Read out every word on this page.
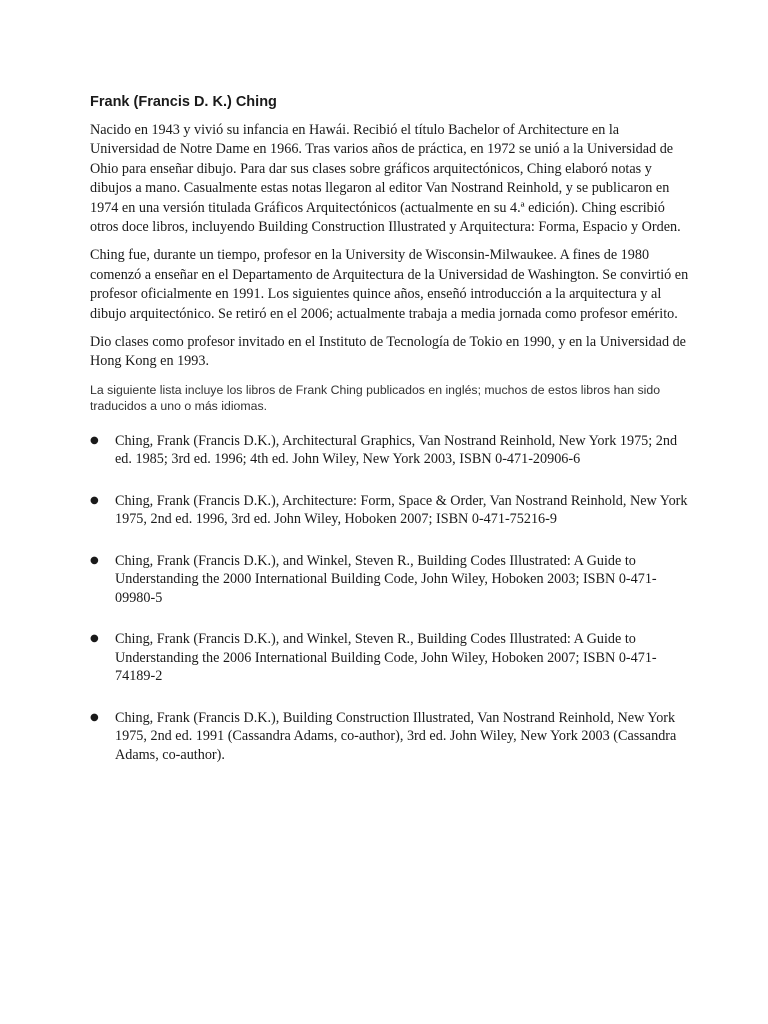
Frank (Francis D. K.) Ching

Nacido en 1943 y vivió su infancia en Hawái. Recibió el título Bachelor of Architecture en la Universidad de Notre Dame en 1966. Tras varios años de práctica, en 1972 se unió a la Universidad de Ohio para enseñar dibujo. Para dar sus clases sobre gráficos arquitectónicos, Ching elaboró notas y dibujos a mano. Casualmente estas notas llegaron al editor Van Nostrand Reinhold, y se publicaron en 1974 en una versión titulada Gráficos Arquitectónicos (actualmente en su 4.ª edición). Ching escribió otros doce libros, incluyendo Building Construction Illustrated y Arquitectura: Forma, Espacio y Orden.

Ching fue, durante un tiempo, profesor en la University de Wisconsin-Milwaukee. A fines de 1980 comenzó a enseñar en el Departamento de Arquitectura de la Universidad de Washington. Se convirtió en profesor oficialmente en 1991. Los siguientes quince años, enseñó introducción a la arquitectura y al dibujo arquitectónico. Se retiró en el 2006; actualmente trabaja a media jornada como profesor emérito.

Dio clases como profesor invitado en el Instituto de Tecnología de Tokio en 1990, y en la Universidad de Hong Kong en 1993.

La siguiente lista incluye los libros de Frank Ching publicados en inglés; muchos de estos libros han sido traducidos a uno o más idiomas.

● Ching, Frank (Francis D.K.), Architectural Graphics, Van Nostrand Reinhold, New York 1975; 2nd ed. 1985; 3rd ed. 1996; 4th ed. John Wiley, New York 2003, ISBN 0-471-20906-6
● Ching, Frank (Francis D.K.), Architecture: Form, Space & Order, Van Nostrand Reinhold, New York 1975, 2nd ed. 1996, 3rd ed. John Wiley, Hoboken 2007; ISBN 0-471-75216-9
● Ching, Frank (Francis D.K.), and Winkel, Steven R., Building Codes Illustrated: A Guide to Understanding the 2000 International Building Code, John Wiley, Hoboken 2003; ISBN 0-471-09980-5
● Ching, Frank (Francis D.K.), and Winkel, Steven R., Building Codes Illustrated: A Guide to Understanding the 2006 International Building Code, John Wiley, Hoboken 2007; ISBN 0-471-74189-2
● Ching, Frank (Francis D.K.), Building Construction Illustrated, Van Nostrand Reinhold, New York 1975, 2nd ed. 1991 (Cassandra Adams, co-author), 3rd ed. John Wiley, New York 2003 (Cassandra Adams, co-author).
